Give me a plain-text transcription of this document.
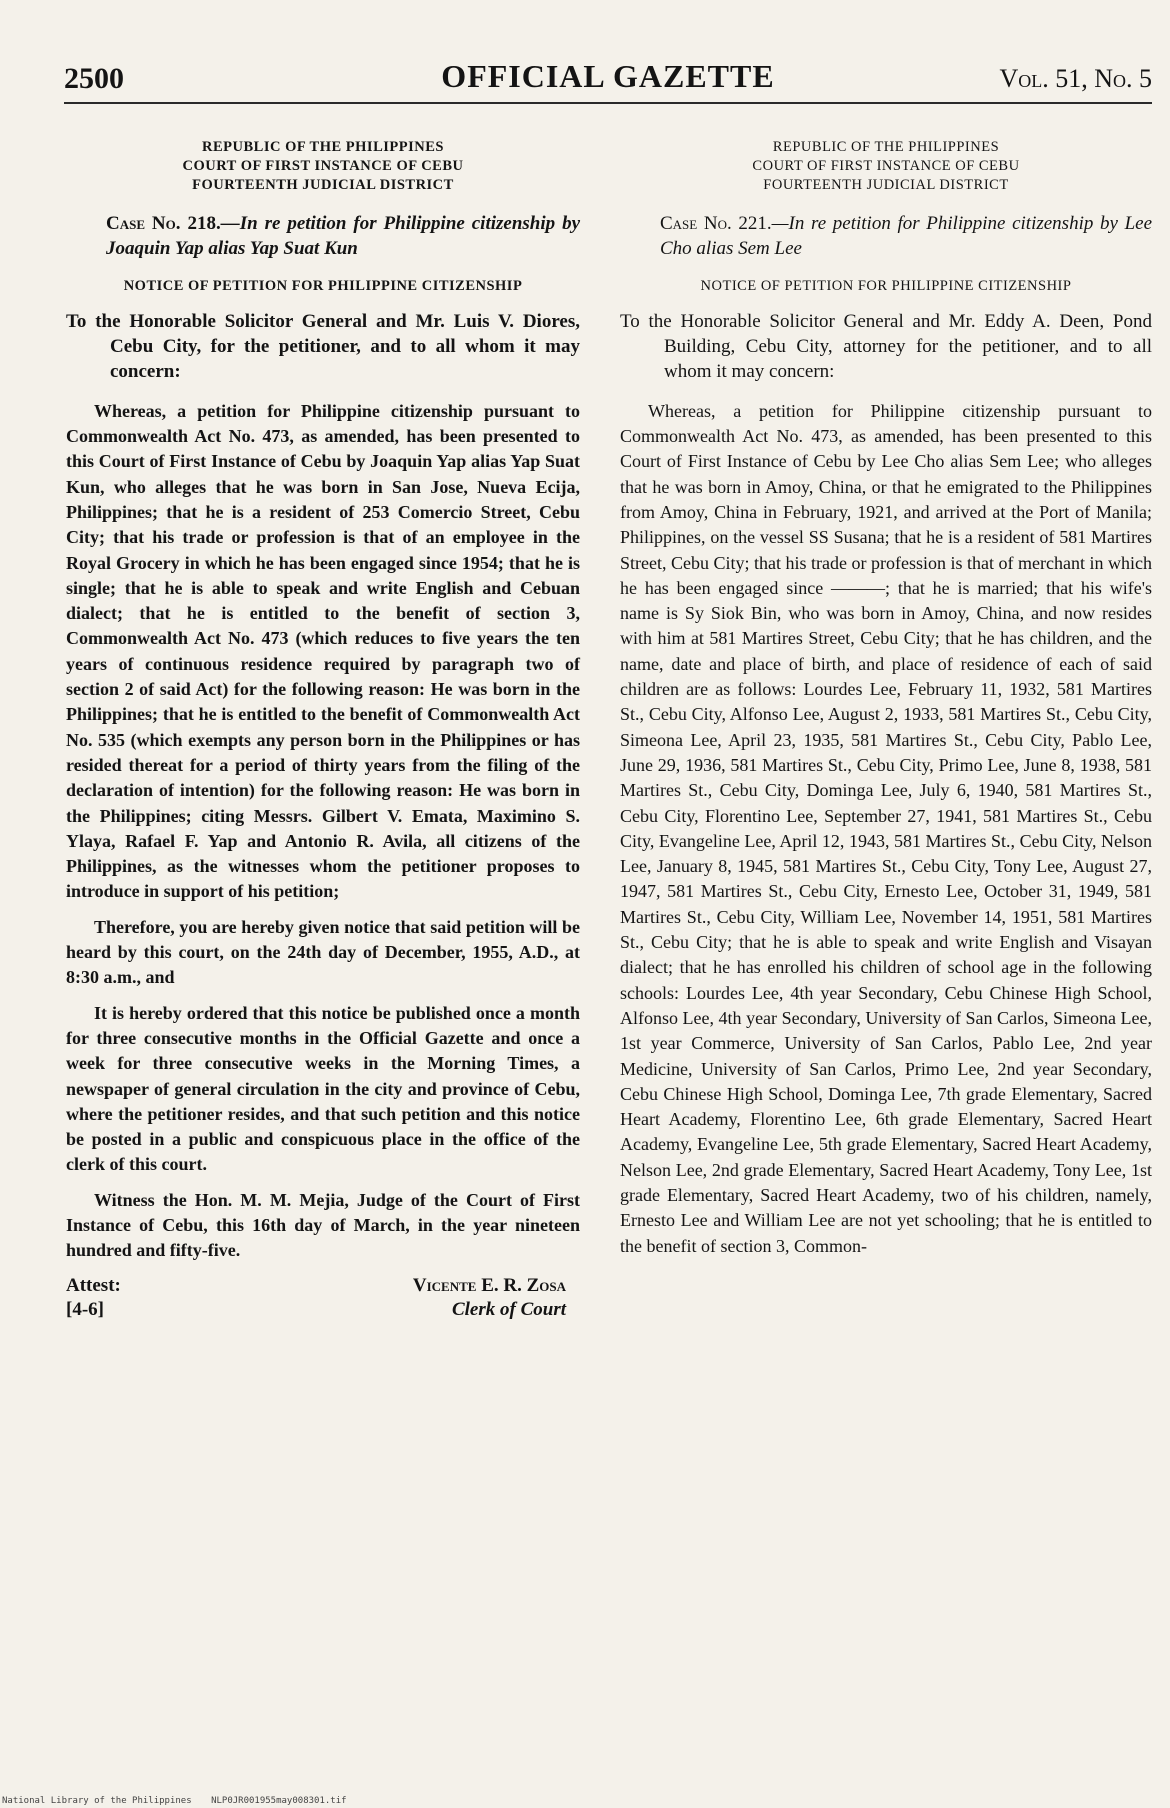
2500	OFFICIAL GAZETTE	Vol. 51, No. 5
REPUBLIC OF THE PHILIPPINES
COURT OF FIRST INSTANCE OF CEBU
FOURTEENTH JUDICIAL DISTRICT
Case No. 218.—In re petition for Philippine citizenship by Joaquin Yap alias Yap Suat Kun
NOTICE OF PETITION FOR PHILIPPINE CITIZENSHIP
To the Honorable Solicitor General and Mr. Luis V. Diores, Cebu City, for the petitioner, and to all whom it may concern:

Whereas, a petition for Philippine citizenship pursuant to Commonwealth Act No. 473, as amended, has been presented to this Court of First Instance of Cebu by Joaquin Yap alias Yap Suat Kun, who alleges that he was born in San Jose, Nueva Ecija, Philippines; that he is a resident of 253 Comercio Street, Cebu City; that his trade or profession is that of an employee in the Royal Grocery in which he has been engaged since 1954; that he is single; that he is able to speak and write English and Cebuan dialect; that he is entitled to the benefit of section 3, Commonwealth Act No. 473 (which reduces to five years the ten years of continuous residence required by paragraph two of section 2 of said Act) for the following reason: He was born in the Philippines; that he is entitled to the benefit of Commonwealth Act No. 535 (which exempts any person born in the Philippines or has resided thereat for a period of thirty years from the filing of the declaration of intention) for the following reason: He was born in the Philippines; citing Messrs. Gilbert V. Emata, Maximino S. Ylaya, Rafael F. Yap and Antonio R. Avila, all citizens of the Philippines, as the witnesses whom the petitioner proposes to introduce in support of his petition;

Therefore, you are hereby given notice that said petition will be heard by this court, on the 24th day of December, 1955, A.D., at 8:30 a.m., and

It is hereby ordered that this notice be published once a month for three consecutive months in the Official Gazette and once a week for three consecutive weeks in the Morning Times, a newspaper of general circulation in the city and province of Cebu, where the petitioner resides, and that such petition and this notice be posted in a public and conspicuous place in the office of the clerk of this court.

Witness the Hon. M. M. Mejia, Judge of the Court of First Instance of Cebu, this 16th day of March, in the year nineteen hundred and fifty-five.

Attest:
[4-6]
Vicente E. R. Zosa
Clerk of Court
REPUBLIC OF THE PHILIPPINES
COURT OF FIRST INSTANCE OF CEBU
FOURTEENTH JUDICIAL DISTRICT
Case No. 221.—In re petition for Philippine citizenship by Lee Cho alias Sem Lee
NOTICE OF PETITION FOR PHILIPPINE CITIZENSHIP
To the Honorable Solicitor General and Mr. Eddy A. Deen, Pond Building, Cebu City, attorney for the petitioner, and to all whom it may concern:

Whereas, a petition for Philippine citizenship pursuant to Commonwealth Act No. 473, as amended, has been presented to this Court of First Instance of Cebu by Lee Cho alias Sem Lee; who alleges that he was born in Amoy, China, or that he emigrated to the Philippines from Amoy, China in February, 1921, and arrived at the Port of Manila; Philippines, on the vessel SS Susana; that he is a resident of 581 Martires Street, Cebu City; that his trade or profession is that of merchant in which he has been engaged since ———; that he is married; that his wife's name is Sy Siok Bin, who was born in Amoy, China, and now resides with him at 581 Martires Street, Cebu City; that he has children, and the name, date and place of birth, and place of residence of each of said children are as follows: Lourdes Lee, February 11, 1932, 581 Martires St., Cebu City, Alfonso Lee, August 2, 1933, 581 Martires St., Cebu City, Simeona Lee, April 23, 1935, 581 Martires St., Cebu City, Pablo Lee, June 29, 1936, 581 Martires St., Cebu City, Primo Lee, June 8, 1938, 581 Martires St., Cebu City, Dominga Lee, July 6, 1940, 581 Martires St., Cebu City, Florentino Lee, September 27, 1941, 581 Martires St., Cebu City, Evangeline Lee, April 12, 1943, 581 Martires St., Cebu City, Nelson Lee, January 8, 1945, 581 Martires St., Cebu City, Tony Lee, August 27, 1947, 581 Martires St., Cebu City, Ernesto Lee, October 31, 1949, 581 Martires St., Cebu City, William Lee, November 14, 1951, 581 Martires St., Cebu City; that he is able to speak and write English and Visayan dialect; that he has enrolled his children of school age in the following schools: Lourdes Lee, 4th year Secondary, Cebu Chinese High School, Alfonso Lee, 4th year Secondary, University of San Carlos, Simeona Lee, 1st year Commerce, University of San Carlos, Pablo Lee, 2nd year Medicine, University of San Carlos, Primo Lee, 2nd year Secondary, Cebu Chinese High School, Dominga Lee, 7th grade Elementary, Sacred Heart Academy, Florentino Lee, 6th grade Elementary, Sacred Heart Academy, Evangeline Lee, 5th grade Elementary, Sacred Heart Academy, Nelson Lee, 2nd grade Elementary, Sacred Heart Academy, Tony Lee, 1st grade Elementary, Sacred Heart Academy, two of his children, namely, Ernesto Lee and William Lee are not yet schooling; that he is entitled to the benefit of section 3, Common-

National Library of the Philippines NLP0JR001955may008301.tif
